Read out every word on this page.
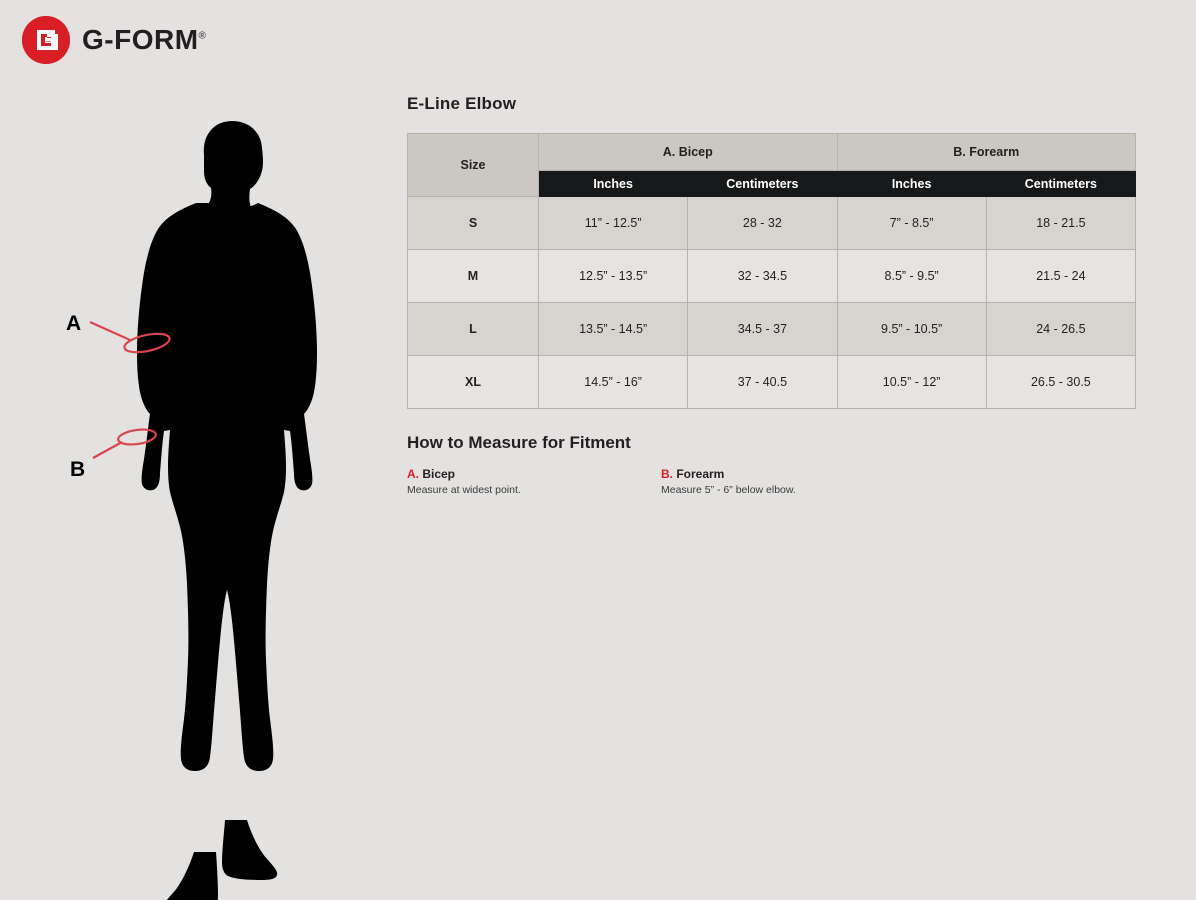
G-FORM®
A
B
E-Line Elbow
Size	A. Bicep		B. Forearm	
	Inches	Centimeters	Inches	Centimeters
S	11” - 12.5”	28 - 32	7” - 8.5”	18 - 21.5
M	12.5” - 13.5”	32 - 34.5	8.5” - 9.5”	21.5 - 24
L	13.5” - 14.5”	34.5 - 37	9.5” - 10.5”	24 - 26.5
XL	14.5” - 16”	37 - 40.5	10.5” - 12”	26.5 - 30.5
How to Measure for Fitment
A. Bicep
Measure at widest point.
B. Forearm
Measure 5” - 6” below elbow.
